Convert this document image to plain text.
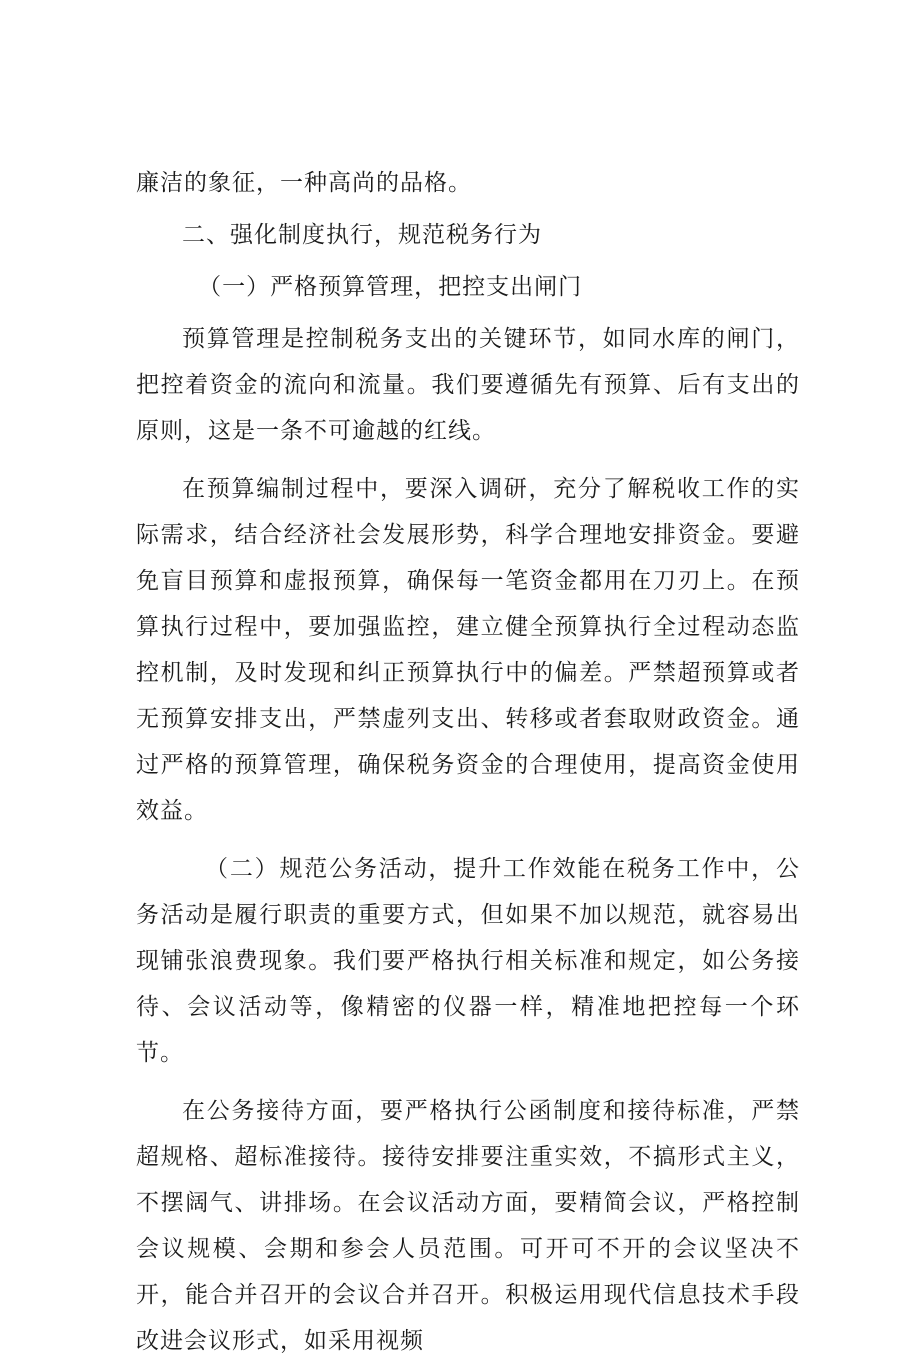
廉洁的象征，一种高尚的品格。

二、强化制度执行，规范税务行为

（一）严格预算管理，把控支出闸门

预算管理是控制税务支出的关键环节，如同水库的闸门，把控着资金的流向和流量。我们要遵循先有预算、后有支出的原则，这是一条不可逾越的红线。

在预算编制过程中，要深入调研，充分了解税收工作的实际需求，结合经济社会发展形势，科学合理地安排资金。要避免盲目预算和虚报预算，确保每一笔资金都用在刀刃上。在预算执行过程中，要加强监控，建立健全预算执行全过程动态监控机制，及时发现和纠正预算执行中的偏差。严禁超预算或者无预算安排支出，严禁虚列支出、转移或者套取财政资金。通过严格的预算管理，确保税务资金的合理使用，提高资金使用效益。

（二）规范公务活动，提升工作效能在税务工作中，公务活动是履行职责的重要方式，但如果不加以规范，就容易出现铺张浪费现象。我们要严格执行相关标准和规定，如公务接待、会议活动等，像精密的仪器一样，精准地把控每一个环节。

在公务接待方面，要严格执行公函制度和接待标准，严禁超规格、超标准接待。接待安排要注重实效，不搞形式主义，不摆阔气、讲排场。在会议活动方面，要精简会议，严格控制会议规模、会期和参会人员范围。可开可不开的会议坚决不开，能合并召开的会议合并召开。积极运用现代信息技术手段改进会议形式，如采用视频
